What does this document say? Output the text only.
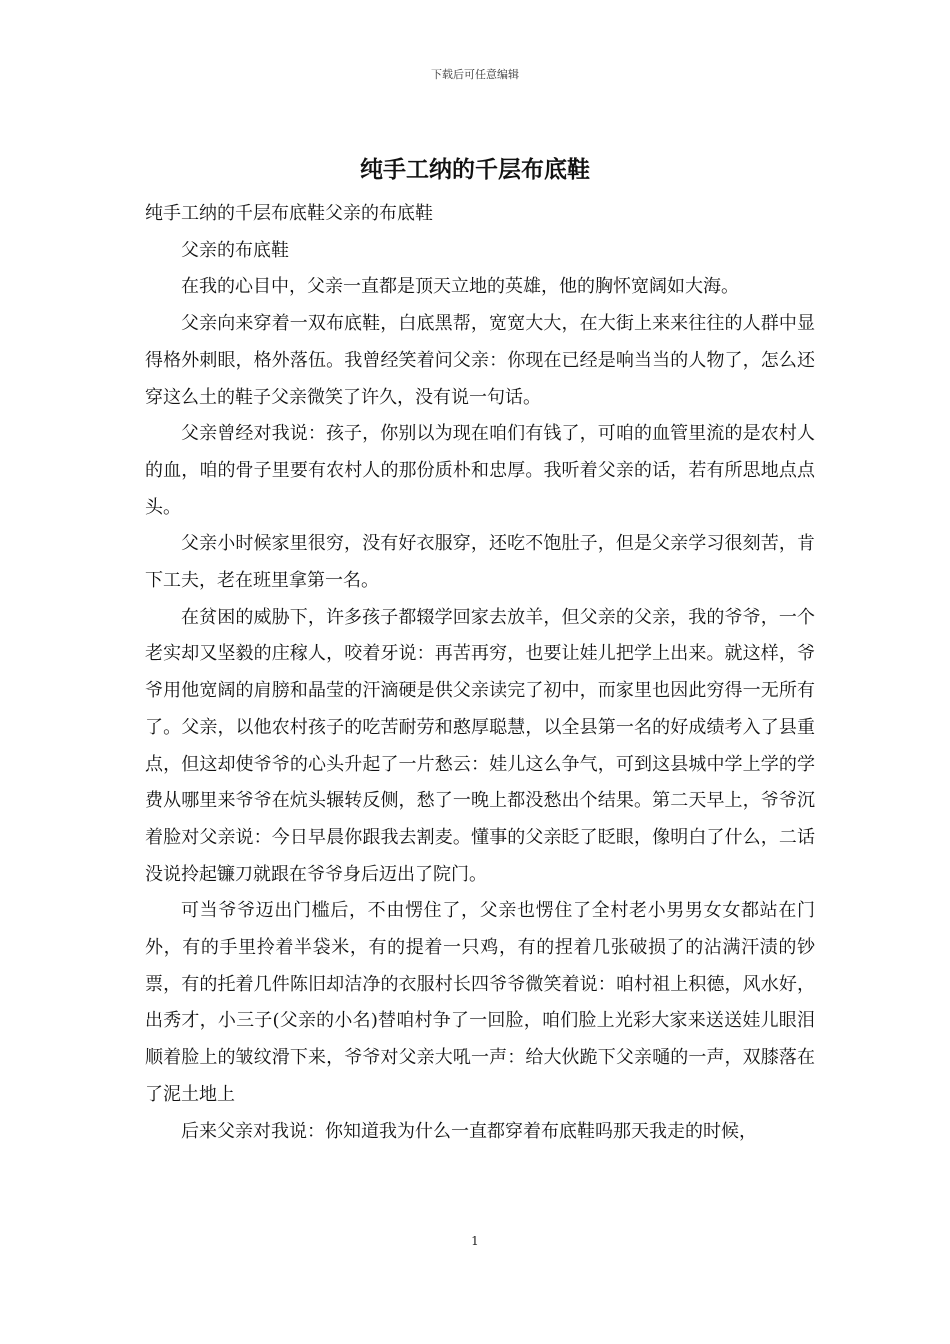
下载后可任意编辑
纯手工纳的千层布底鞋

纯手工纳的千层布底鞋父亲的布底鞋

父亲的布底鞋

在我的心目中，父亲一直都是顶天立地的英雄，他的胸怀宽阔如大海。

父亲向来穿着一双布底鞋，白底黑帮，宽宽大大，在大街上来来往往的人群中显得格外刺眼，格外落伍。我曾经笑着问父亲：你现在已经是响当当的人物了，怎么还穿这么土的鞋子父亲微笑了许久，没有说一句话。

父亲曾经对我说：孩子，你别以为现在咱们有钱了，可咱的血管里流的是农村人的血，咱的骨子里要有农村人的那份质朴和忠厚。我听着父亲的话，若有所思地点点头。

父亲小时候家里很穷，没有好衣服穿，还吃不饱肚子，但是父亲学习很刻苦，肯下工夫，老在班里拿第一名。

在贫困的威胁下，许多孩子都辍学回家去放羊，但父亲的父亲，我的爷爷，一个老实却又坚毅的庄稼人，咬着牙说：再苦再穷，也要让娃儿把学上出来。就这样，爷爷用他宽阔的肩膀和晶莹的汗滴硬是供父亲读完了初中，而家里也因此穷得一无所有了。父亲，以他农村孩子的吃苦耐劳和憨厚聪慧，以全县第一名的好成绩考入了县重点，但这却使爷爷的心头升起了一片愁云：娃儿这么争气，可到这县城中学上学的学费从哪里来爷爷在炕头辗转反侧，愁了一晚上都没愁出个结果。第二天早上，爷爷沉着脸对父亲说：今日早晨你跟我去割麦。懂事的父亲眨了眨眼，像明白了什么，二话没说拎起镰刀就跟在爷爷身后迈出了院门。

可当爷爷迈出门槛后，不由愣住了，父亲也愣住了全村老小男男女女都站在门外，有的手里拎着半袋米，有的提着一只鸡，有的捏着几张破损了的沾满汗渍的钞票，有的托着几件陈旧却洁净的衣服村长四爷爷微笑着说：咱村祖上积德，风水好，出秀才，小三子(父亲的小名)替咱村争了一回脸，咱们脸上光彩大家来送送娃儿眼泪顺着脸上的皱纹滑下来，爷爷对父亲大吼一声：给大伙跪下父亲嗵的一声，双膝落在了泥土地上

后来父亲对我说：你知道我为什么一直都穿着布底鞋吗那天我走的时候，

1
